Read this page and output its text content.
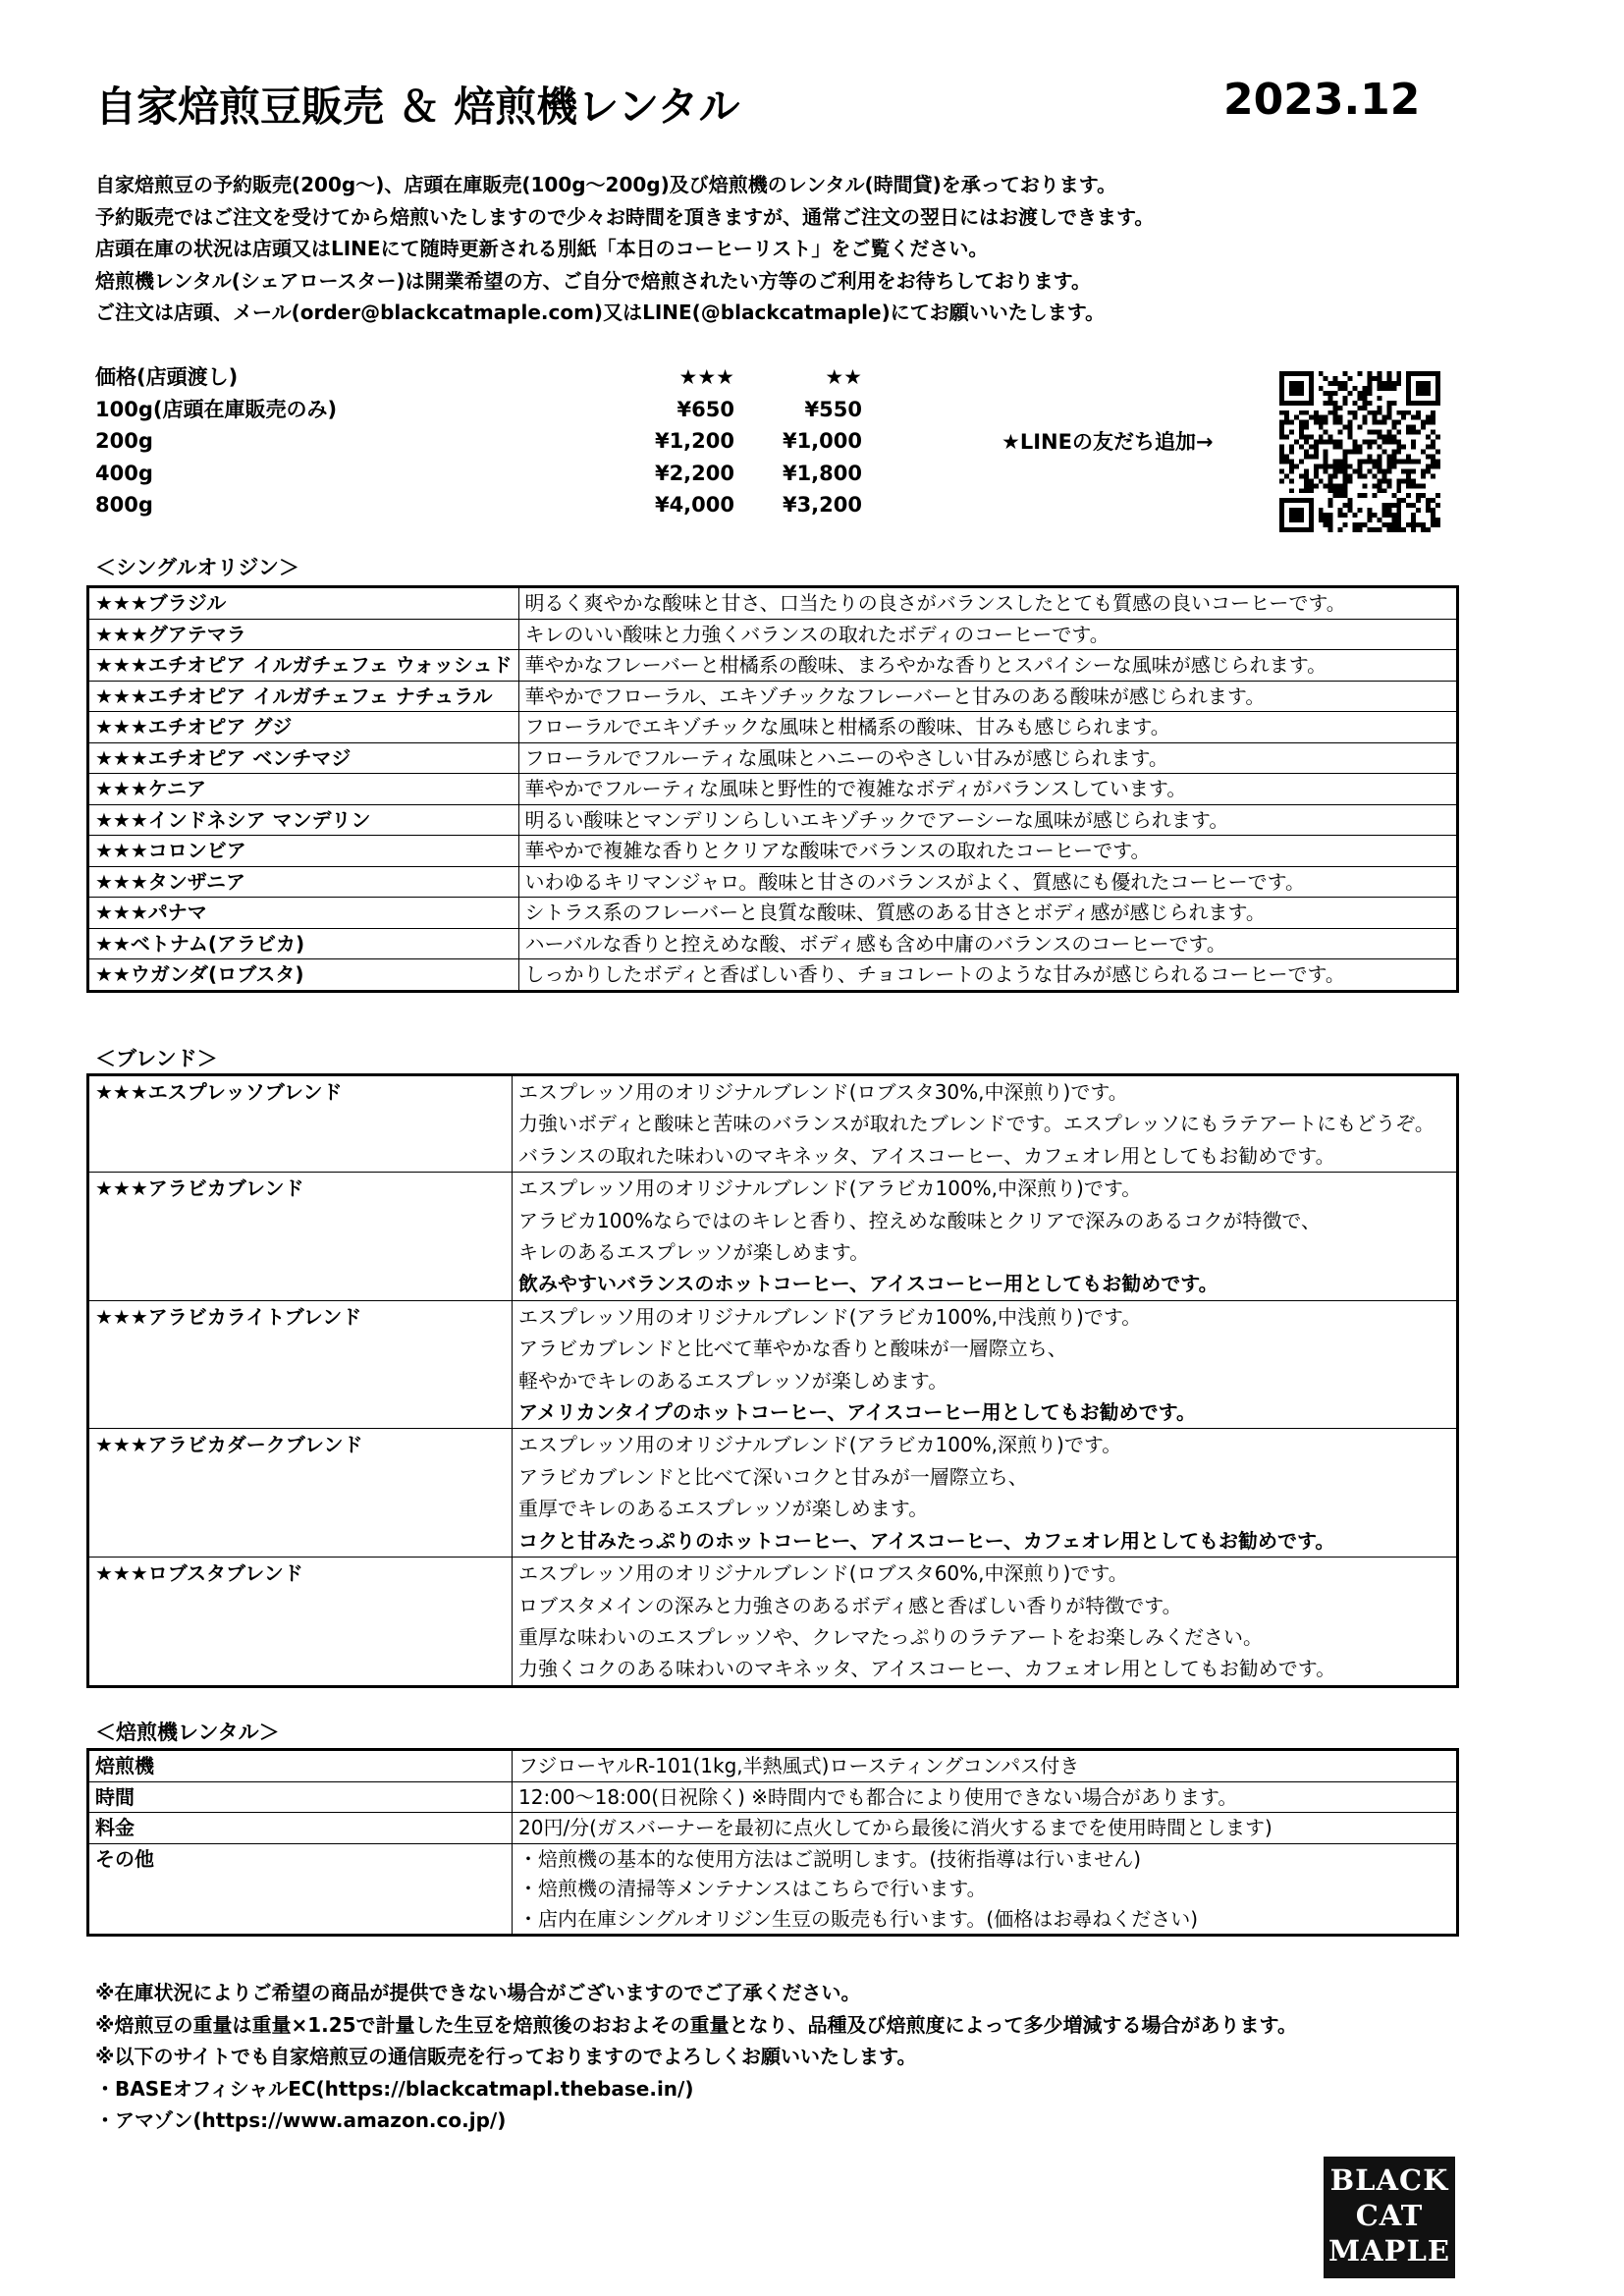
自家焙煎豆販売 ＆ 焙煎機レンタル	2023.12
自家焙煎豆の予約販売(200g～)、店頭在庫販売(100g～200g)及び焙煎機のレンタル(時間貸)を承っております。
予約販売ではご注文を受けてから焙煎いたしますので少々お時間を頂きますが、通常ご注文の翌日にはお渡しできます。
店頭在庫の状況は店頭又はLINEにて随時更新される別紙「本日のコーヒーリスト」をご覧ください。
焙煎機レンタル(シェアロースター)は開業希望の方、ご自分で焙煎されたい方等のご利用をお待ちしております。
ご注文は店頭、メール(order@blackcatmaple.com)又はLINE(@blackcatmaple)にてお願いいたします。
価格(店頭渡し)	★★★	★★
100g(店頭在庫販売のみ)	¥650	¥550
200g	¥1,200	¥1,000
400g	¥2,200	¥1,800
800g	¥4,000	¥3,200
★LINEの友だち追加→
＜シングルオリジン＞
★★★ブラジル	明るく爽やかな酸味と甘さ、口当たりの良さがバランスしたとても質感の良いコーヒーです。
★★★グアテマラ	キレのいい酸味と力強くバランスの取れたボディのコーヒーです。
★★★エチオピア イルガチェフェ ウォッシュド	華やかなフレーバーと柑橘系の酸味、まろやかな香りとスパイシーな風味が感じられます。
★★★エチオピア イルガチェフェ ナチュラル	華やかでフローラル、エキゾチックなフレーバーと甘みのある酸味が感じられます。
★★★エチオピア グジ	フローラルでエキゾチックな風味と柑橘系の酸味、甘みも感じられます。
★★★エチオピア ベンチマジ	フローラルでフルーティな風味とハニーのやさしい甘みが感じられます。
★★★ケニア	華やかでフルーティな風味と野性的で複雑なボディがバランスしています。
★★★インドネシア マンデリン	明るい酸味とマンデリンらしいエキゾチックでアーシーな風味が感じられます。
★★★コロンビア	華やかで複雑な香りとクリアな酸味でバランスの取れたコーヒーです。
★★★タンザニア	いわゆるキリマンジャロ。酸味と甘さのバランスがよく、質感にも優れたコーヒーです。
★★★パナマ	シトラス系のフレーバーと良質な酸味、質感のある甘さとボディ感が感じられます。
★★ベトナム(アラビカ)	ハーバルな香りと控えめな酸、ボディ感も含め中庸のバランスのコーヒーです。
★★ウガンダ(ロブスタ)	しっかりしたボディと香ばしい香り、チョコレートのような甘みが感じられるコーヒーです。
＜ブレンド＞
★★★エスプレッソブレンド	エスプレッソ用のオリジナルブレンド(ロブスタ30%,中深煎り)です。
力強いボディと酸味と苦味のバランスが取れたブレンドです。エスプレッソにもラテアートにもどうぞ。
バランスの取れた味わいのマキネッタ、アイスコーヒー、カフェオレ用としてもお勧めです。

★★★アラビカブレンド	エスプレッソ用のオリジナルブレンド(アラビカ100%,中深煎り)です。
アラビカ100%ならではのキレと香り、控えめな酸味とクリアで深みのあるコクが特徴で、
キレのあるエスプレッソが楽しめます。
飲みやすいバランスのホットコーヒー、アイスコーヒー用としてもお勧めです。

★★★アラビカライトブレンド	エスプレッソ用のオリジナルブレンド(アラビカ100%,中浅煎り)です。
アラビカブレンドと比べて華やかな香りと酸味が一層際立ち、
軽やかでキレのあるエスプレッソが楽しめます。
アメリカンタイプのホットコーヒー、アイスコーヒー用としてもお勧めです。

★★★アラビカダークブレンド	エスプレッソ用のオリジナルブレンド(アラビカ100%,深煎り)です。
アラビカブレンドと比べて深いコクと甘みが一層際立ち、
重厚でキレのあるエスプレッソが楽しめます。
コクと甘みたっぷりのホットコーヒー、アイスコーヒー、カフェオレ用としてもお勧めです。

★★★ロブスタブレンド	エスプレッソ用のオリジナルブレンド(ロブスタ60%,中深煎り)です。
ロブスタメインの深みと力強さのあるボディ感と香ばしい香りが特徴です。
重厚な味わいのエスプレッソや、クレマたっぷりのラテアートをお楽しみください。
力強くコクのある味わいのマキネッタ、アイスコーヒー、カフェオレ用としてもお勧めです。
＜焙煎機レンタル＞
焙煎機	フジローヤルR-101(1kg,半熱風式)ロースティングコンパス付き

時間	12:00～18:00(日祝除く) ※時間内でも都合により使用できない場合があります。

料金	20円/分(ガスバーナーを最初に点火してから最後に消火するまでを使用時間とします)

その他	・焙煎機の基本的な使用方法はご説明します。(技術指導は行いません)
・焙煎機の清掃等メンテナンスはこちらで行います。
・店内在庫シングルオリジン生豆の販売も行います。(価格はお尋ねください)
※在庫状況によりご希望の商品が提供できない場合がございますのでご了承ください。
※焙煎豆の重量は重量×1.25で計量した生豆を焙煎後のおおよその重量となり、品種及び焙煎度によって多少増減する場合があります。
※以下のサイトでも自家焙煎豆の通信販売を行っておりますのでよろしくお願いいたします。
・BASEオフィシャルEC(https://blackcatmapl.thebase.in/)
・アマゾン(https://www.amazon.co.jp/)
BLACK
CAT
MAPLE
